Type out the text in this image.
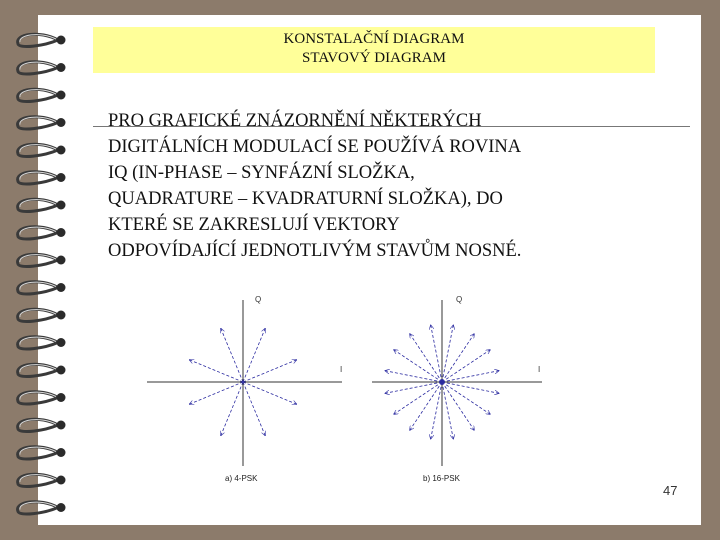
KONSTALAČNÍ DIAGRAM
STAVOVÝ DIAGRAM
PRO GRAFICKÉ ZNÁZORNĚNÍ NĚKTERÝCH
DIGITÁLNÍCH MODULACÍ SE POUŽÍVÁ ROVINA
IQ (IN-PHASE – SYNFÁZNÍ SLOŽKA,
QUADRATURE – KVADRATURNÍ SLOŽKA), DO
KTERÉ SE ZAKRESLUJÍ VEKTORY
ODPOVÍDAJÍCÍ JEDNOTLIVÝM STAVŮM NOSNÉ.
Q
I
Q
I
a) 4-PSK	b) 16-PSK
47
